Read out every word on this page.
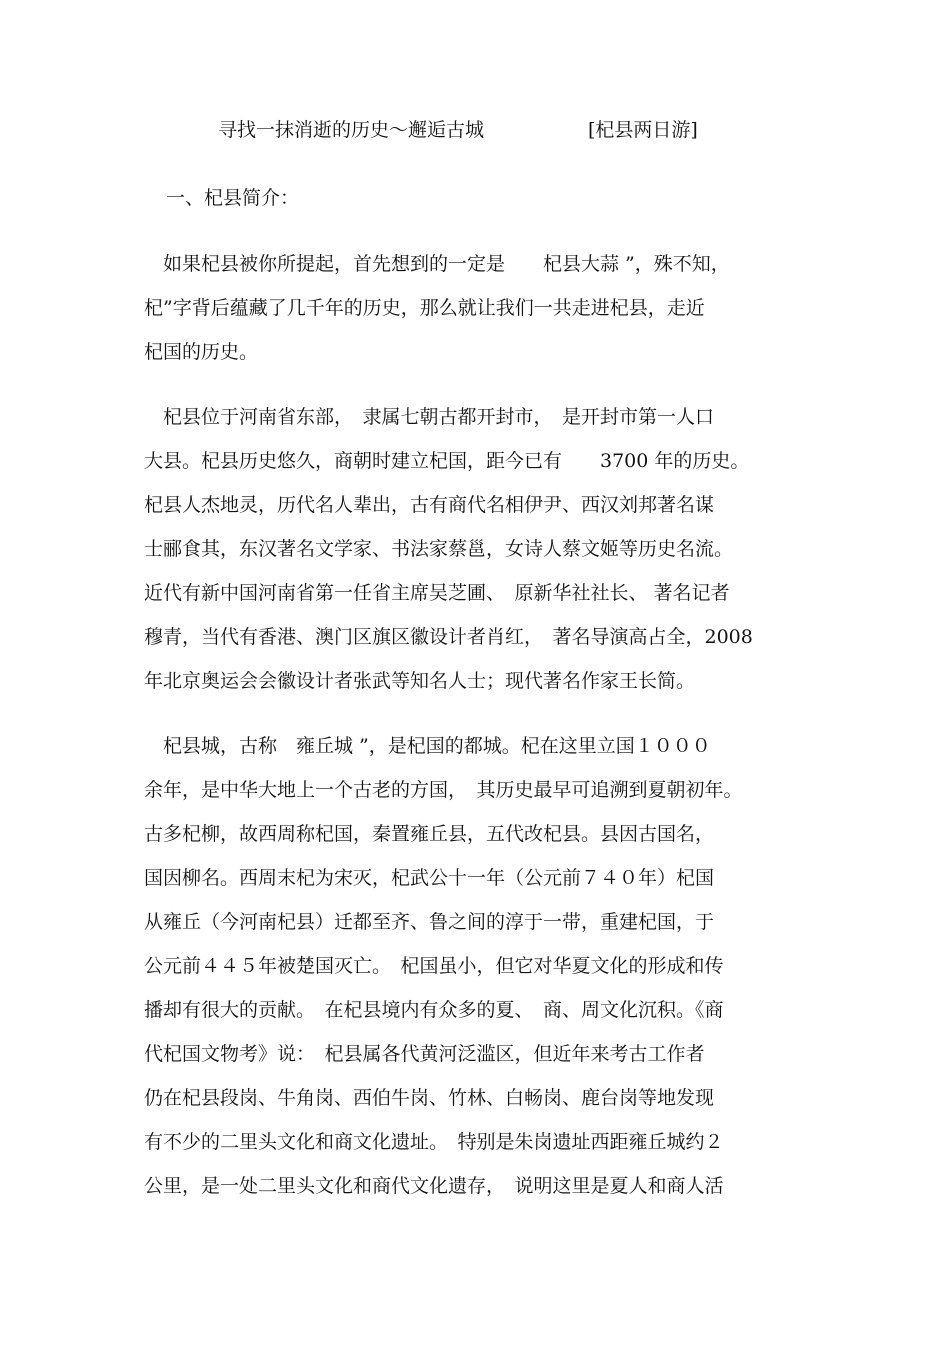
寻找一抹消逝的历史～邂逅古城	[杞县两日游]
一、杞县简介：
　如果杞县被你所提起，首先想到的一定是　　杞县大蒜 ”，殊不知，
杞”字背后蕴藏了几千年的历史，那么就让我们一共走进杞县，走近
杞国的历史。
　杞县位于河南省东部，　隶属七朝古都开封市，　是开封市第一人口
大县。杞县历史悠久，商朝时建立杞国，距今已有　　3700 年的历史。
杞县人杰地灵，历代名人辈出，古有商代名相伊尹、西汉刘邦著名谋
士郦食其，东汉著名文学家、书法家蔡邕，女诗人蔡文姬等历史名流。
近代有新中国河南省第一任省主席吴芝圃、　原新华社社长、 著名记者
穆青，当代有香港、澳门区旗区徽设计者肖红，　著名导演高占全，2008
年北京奥运会会徽设计者张武等知名人士；现代著名作家王长简。
　杞县城，古称　雍丘城 ”，是杞国的都城。杞在这里立国１０００
余年，是中华大地上一个古老的方国，　其历史最早可追溯到夏朝初年。
古多杞柳，故西周称杞国，秦置雍丘县，五代改杞县。县因古国名，
国因柳名。西周末杞为宋灭，杞武公十一年（公元前７４０年）杞国
从雍丘（今河南杞县）迁都至齐、鲁之间的淳于一带，重建杞国，于
公元前４４５年被楚国灭亡。　杞国虽小，但它对华夏文化的形成和传
播却有很大的贡献。　在杞县境内有众多的夏、　商、周文化沉积。《商
代杞国文物考》说：　杞县属各代黄河泛滥区，但近年来考古工作者
仍在杞县段岗、牛角岗、西伯牛岗、竹林、白畅岗、鹿台岗等地发现
有不少的二里头文化和商文化遗址。　特别是朱岗遗址西距雍丘城约２
公里，是一处二里头文化和商代文化遗存，　说明这里是夏人和商人活
